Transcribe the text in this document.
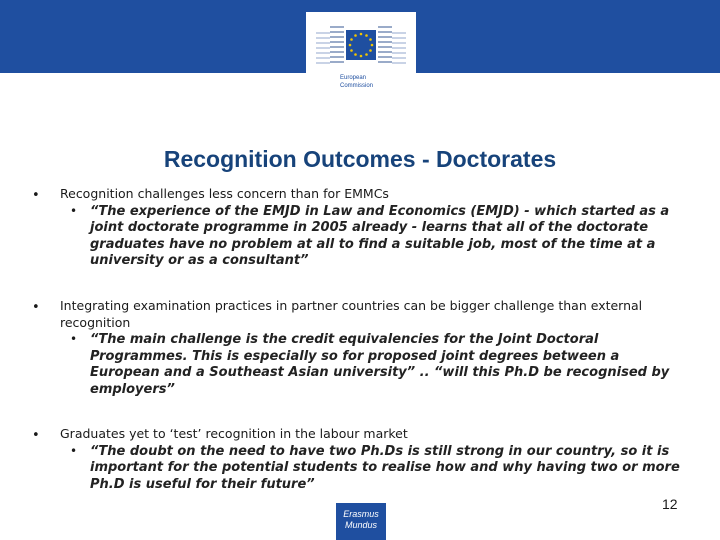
European
Commission
Recognition Outcomes - Doctorates
• Recognition challenges less concern than for EMMCs
• “The experience of the EMJD in Law and Economics (EMJD) ‑ which started as a joint doctorate programme in 2005 already ‑ learns that all of the doctorate graduates have no problem at all to find a suitable job, most of the time at a university or as a consultant”
• Integrating examination practices in partner countries can be bigger challenge than external recognition
• “The main challenge is the credit equivalencies for the Joint Doctoral Programmes. This is especially so for proposed joint degrees between a European and a Southeast Asian university” .. “will this Ph.D be recognised by employers”
• Graduates yet to ‘test’ recognition in the labour market
• “The doubt on the need to have two Ph.Ds is still strong in our country, so it is important for the potential students to realise how and why having two or more Ph.D is useful for their future”
12
Erasmus
Mundus
